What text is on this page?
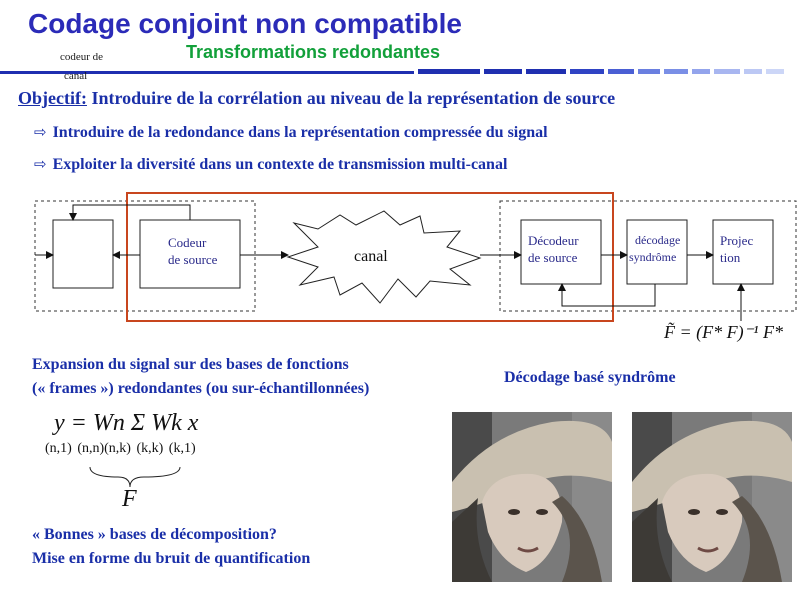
Codage conjoint non compatible
Transformations redondantes
Objectif: Introduire de la corrélation au niveau de la représentation de source
⇨ Introduire de la redondance dans la représentation compressée du signal
⇨ Exploiter la diversité dans un contexte de transmission multi-canal
codeur de
canal
Codeur
de source	canal
Décodeur
de source
décodage
syndrôme
Projec
tion
F̃ = (F* F)⁻¹ F*
Expansion du signal sur des bases de fonctions
(« frames ») redondantes (ou sur-échantillonnées)
Décodage basé syndrôme
y = Wn Σ Wk x
(n,1) (n,n)(n,k) (k,k) (k,1)
F
« Bonnes » bases de décomposition?
Mise en forme du bruit de quantification
